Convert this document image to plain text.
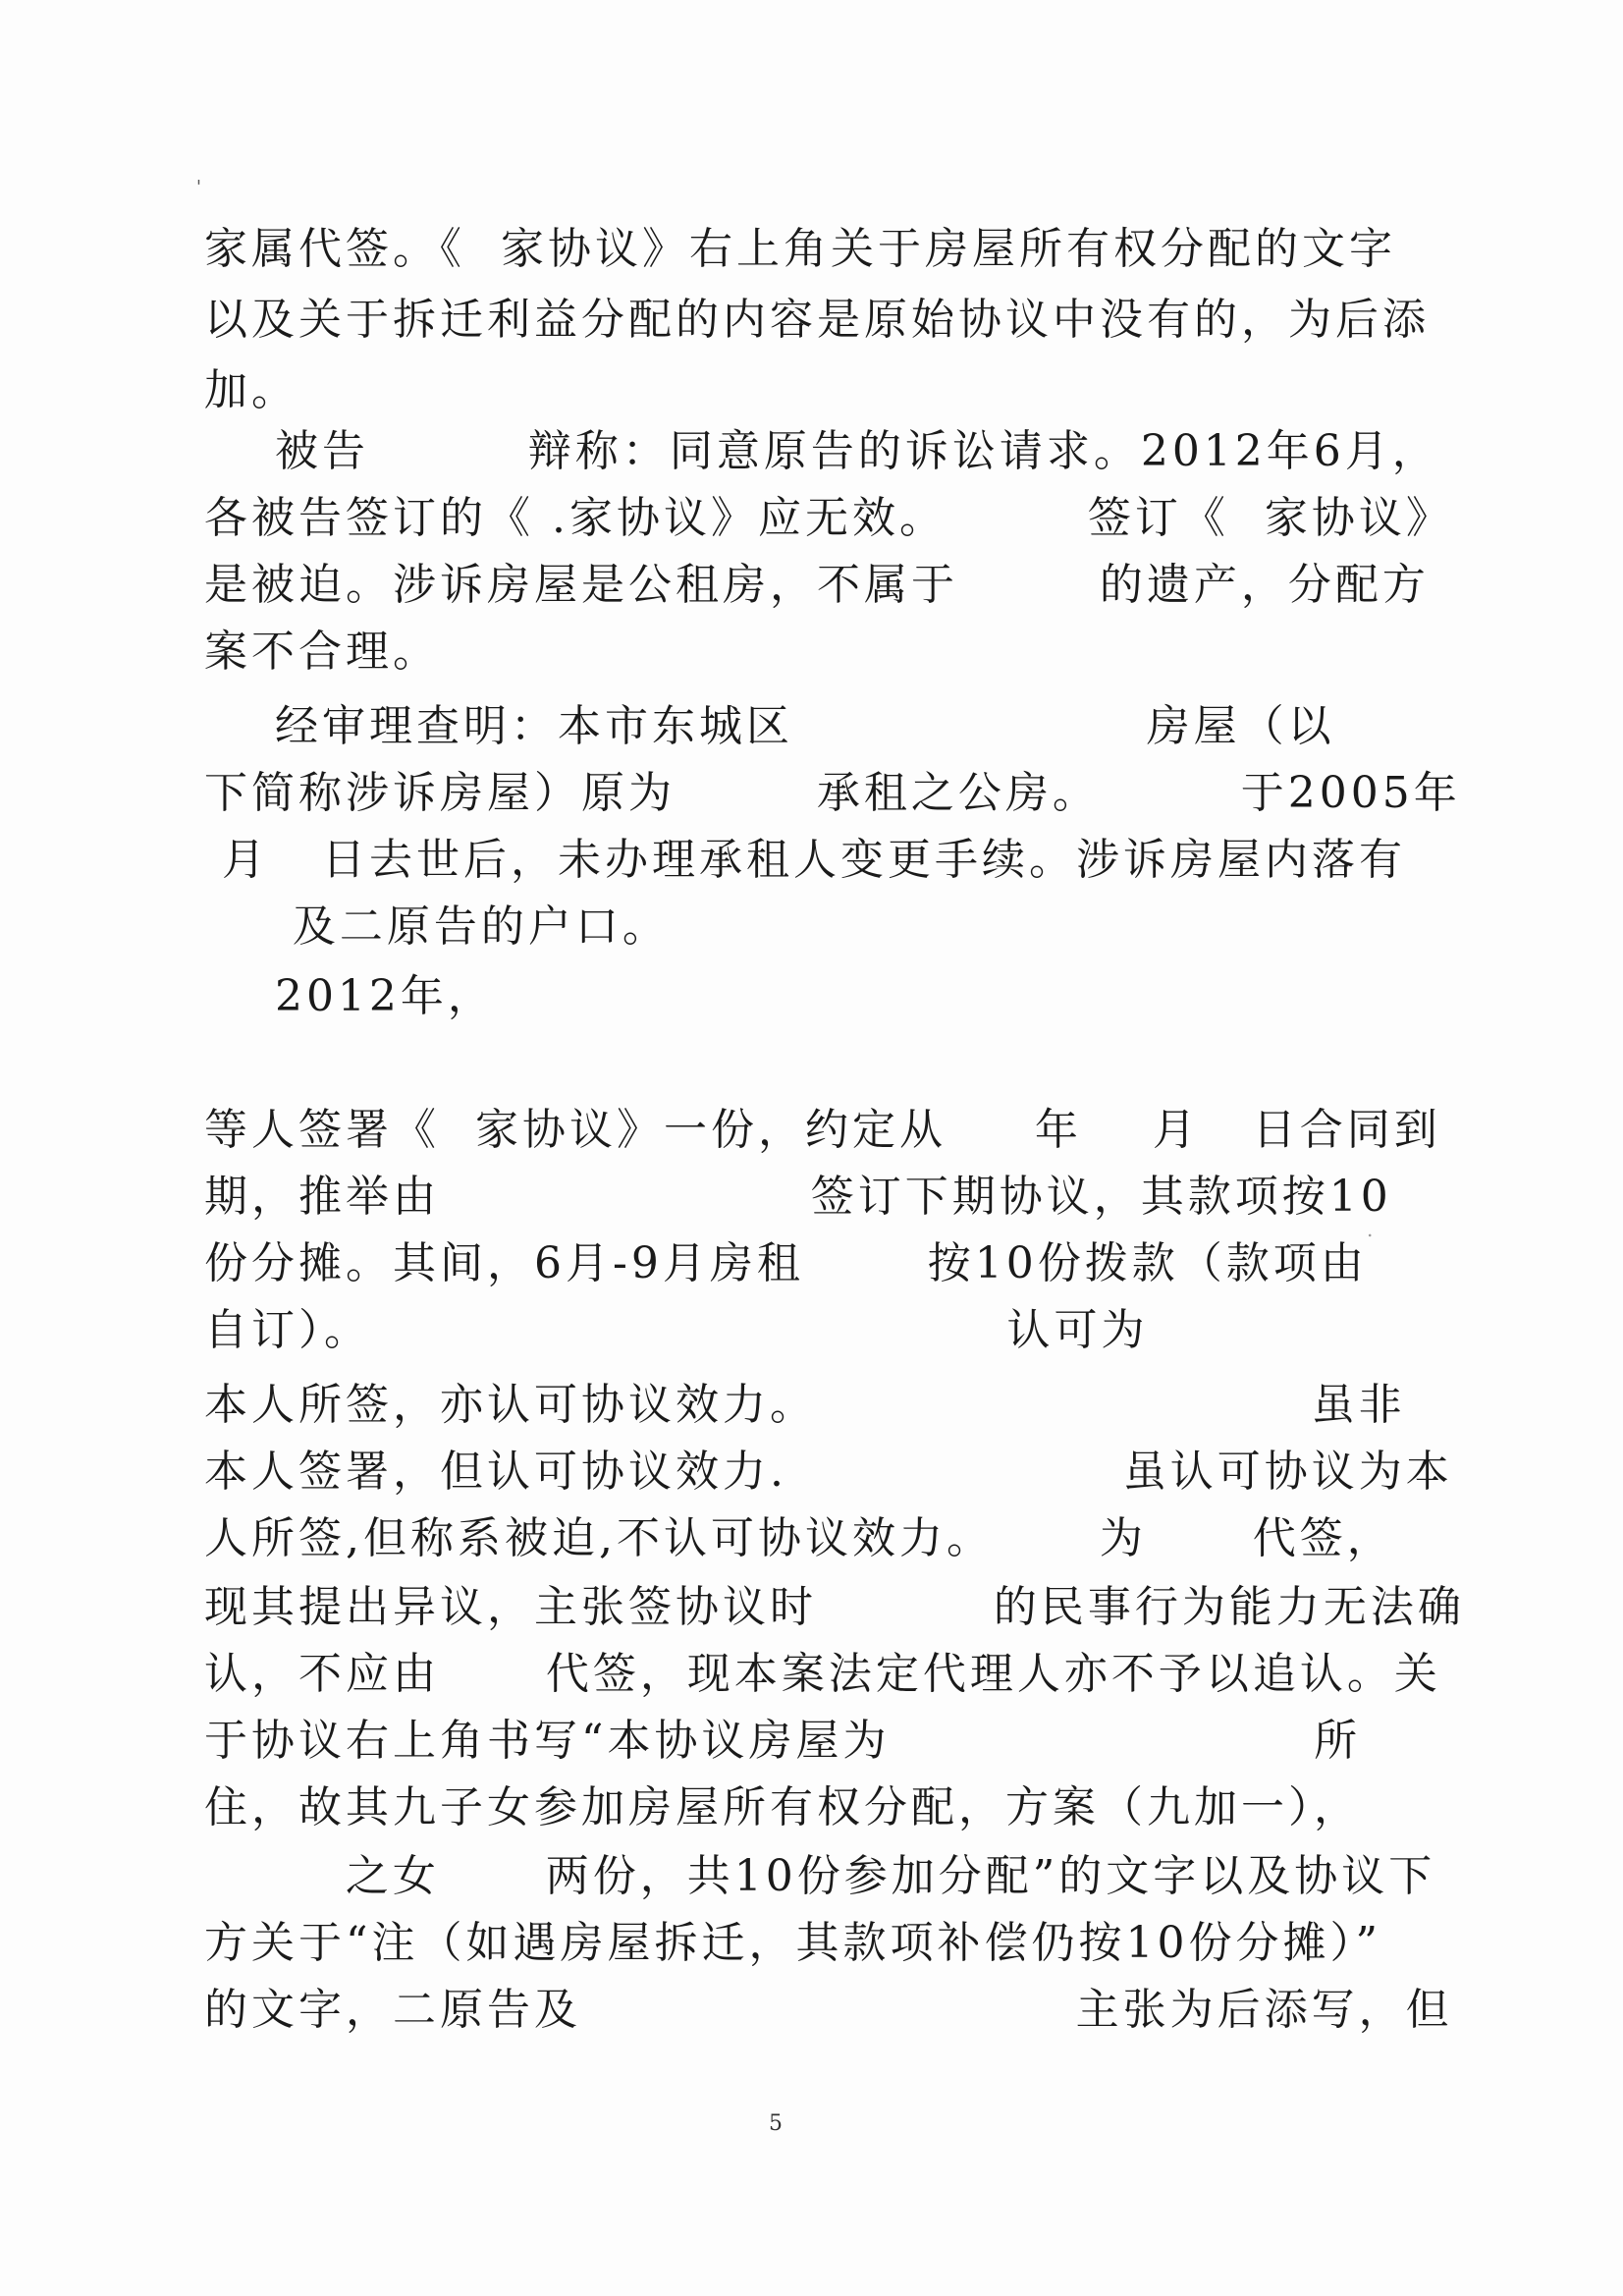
'
家属代签。《  家协议》右上角关于房屋所有权分配的文字
以及关于拆迁利益分配的内容是原始协议中没有的，为后添
加。
被告         辩称：同意原告的诉讼请求。2012年6月，
各被告签订的《 .家协议》应无效。        签订《  家协议》
是被迫。涉诉房屋是公租房，不属于        的遗产，分配方
案不合理。
经审理查明：本市东城区                    房屋（以
下简称涉诉房屋）原为        承租之公房。        于2005年
月   日去世后，未办理承租人变更手续。涉诉房屋内落有
及二原告的户口。
2012年，
等人签署《  家协议》一份，约定从     年    月   日合同到
期，推举由                     签订下期协议，其款项按10
份分摊。其间，6月-9月房租       按10份拨款（款项由
自订）。                                    认可为
本人所签，亦认可协议效力。                            虽非
本人签署，但认可协议效力.                   虽认可协议为本
人所签,但称系被迫,不认可协议效力。      为      代签，
现其提出异议，主张签协议时          的民事行为能力无法确
认，不应由      代签，现本案法定代理人亦不予以追认。关
于协议右上角书写“本协议房屋为                        所
住，故其九子女参加房屋所有权分配，方案（九加一），
之女      两份，共10份参加分配”的文字以及协议下
方关于“注（如遇房屋拆迁，其款项补偿仍按10份分摊）”
的文字，二原告及                            主张为后添写，但
5
.
